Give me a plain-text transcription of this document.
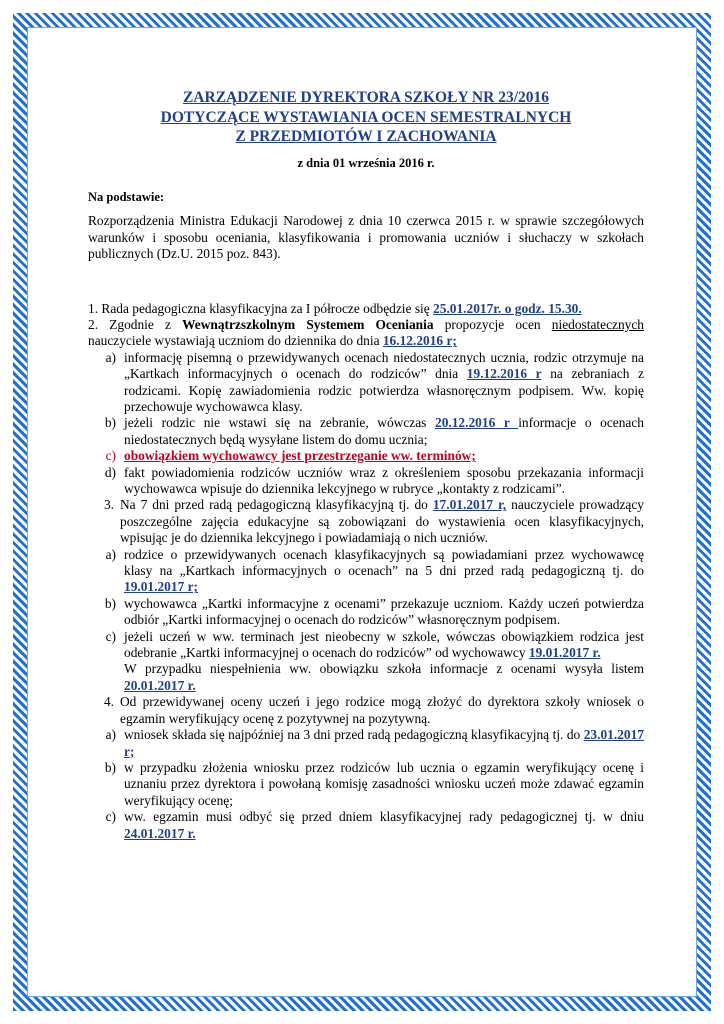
ZARZĄDZENIE DYREKTORA SZKOŁY NR 23/2016
DOTYCZĄCE WYSTAWIANIA OCEN SEMESTRALNYCH
Z PRZEDMIOTÓW I ZACHOWANIA
z dnia 01 września 2016 r.
Na podstawie:
Rozporządzenia Ministra Edukacji Narodowej z dnia 10 czerwca 2015 r. w sprawie szczegółowych warunków i sposobu oceniania, klasyfikowania i promowania uczniów i słuchaczy w szkołach publicznych (Dz.U. 2015 poz. 843).
1. Rada pedagogiczna klasyfikacyjna za I półrocze odbędzie się 25.01.2017r. o godz. 15.30.
2. Zgodnie z Wewnątrzszkolnym Systemem Oceniania propozycje ocen niedostatecznych nauczyciele wystawiają uczniom do dziennika do dnia 16.12.2016 r;
a) informację pisemną o przewidywanych ocenach niedostatecznych ucznia, rodzic otrzymuje na „Kartkach informacyjnych o ocenach do rodziców” dnia 19.12.2016 r na zebraniach z rodzicami. Kopię zawiadomienia rodzic potwierdza własnoręcznym podpisem. Ww. kopię przechowuje wychowawca klasy.
b) jeżeli rodzic nie wstawi się na zebranie, wówczas 20.12.2016 r informacje o ocenach niedostatecznych będą wysyłane listem do domu ucznia;
c) obowiązkiem wychowawcy jest przestrzeganie ww. terminów;
d) fakt powiadomienia rodziców uczniów wraz z określeniem sposobu przekazania informacji wychowawca wpisuje do dziennika lekcyjnego w rubryce „kontakty z rodzicami”.
3. Na 7 dni przed radą pedagogiczną klasyfikacyjną tj. do 17.01.2017 r, nauczyciele prowadzący poszczególne zajęcia edukacyjne są zobowiązani do wystawienia ocen klasyfikacyjnych, wpisując je do dziennika lekcyjnego i powiadamiają o nich uczniów.
a) rodzice o przewidywanych ocenach klasyfikacyjnych są powiadamiani przez wychowawcę klasy na „Kartkach informacyjnych o ocenach” na 5 dni przed radą pedagogiczną tj. do 19.01.2017 r;
b) wychowawca „Kartki informacyjne z ocenami” przekazuje uczniom. Każdy uczeń potwierdza odbiór „Kartki informacyjnej o ocenach do rodziców” własnoręcznym podpisem.
c) jeżeli uczeń w ww. terminach jest nieobecny w szkole, wówczas obowiązkiem rodzica jest odebranie „Kartki informacyjnej o ocenach do rodziców” od wychowawcy 19.01.2017 r.
W przypadku niespełnienia ww. obowiązku szkoła informacje z ocenami wysyła listem 20.01.2017 r.
4. Od przewidywanej oceny uczeń i jego rodzice mogą złożyć do dyrektora szkoły wniosek o egzamin weryfikujący ocenę z pozytywnej na pozytywną.
a) wniosek składa się najpóźniej na 3 dni przed radą pedagogiczną klasyfikacyjną tj. do 23.01.2017 r;
b) w przypadku złożenia wniosku przez rodziców lub ucznia o egzamin weryfikujący ocenę i uznaniu przez dyrektora i powołaną komisję zasadności wniosku uczeń może zdawać egzamin weryfikujący ocenę;
c) ww. egzamin musi odbyć się przed dniem klasyfikacyjnej rady pedagogicznej tj. w dniu 24.01.2017 r.
